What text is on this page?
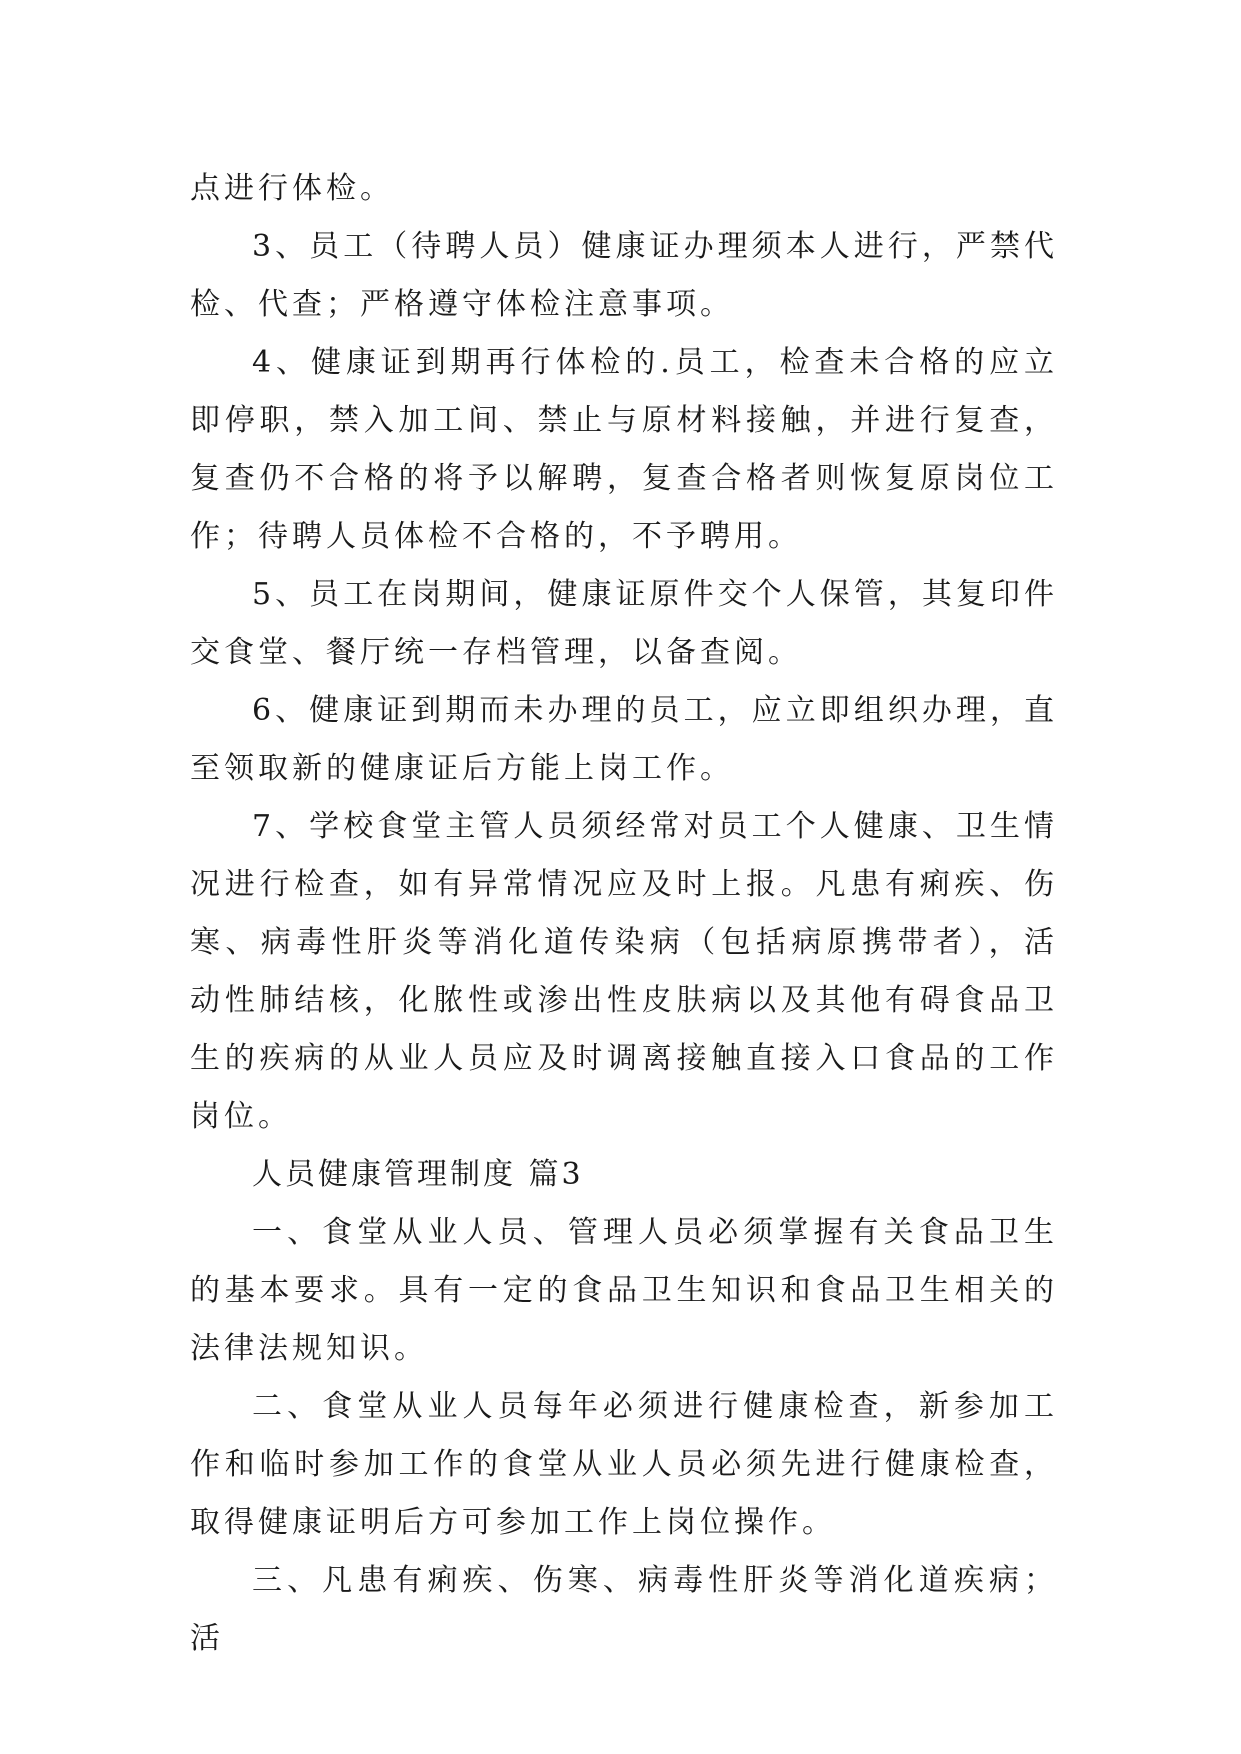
点进行体检。

3、员工（待聘人员）健康证办理须本人进行，严禁代检、代查；严格遵守体检注意事项。

4、健康证到期再行体检的.员工，检查未合格的应立即停职，禁入加工间、禁止与原材料接触，并进行复查，复查仍不合格的将予以解聘，复查合格者则恢复原岗位工作；待聘人员体检不合格的，不予聘用。

5、员工在岗期间，健康证原件交个人保管，其复印件交食堂、餐厅统一存档管理，以备查阅。

6、健康证到期而未办理的员工，应立即组织办理，直至领取新的健康证后方能上岗工作。

7、学校食堂主管人员须经常对员工个人健康、卫生情况进行检查，如有异常情况应及时上报。凡患有痢疾、伤寒、病毒性肝炎等消化道传染病（包括病原携带者），活动性肺结核，化脓性或渗出性皮肤病以及其他有碍食品卫生的疾病的从业人员应及时调离接触直接入口食品的工作岗位。

人员健康管理制度 篇3

一、食堂从业人员、管理人员必须掌握有关食品卫生的基本要求。具有一定的食品卫生知识和食品卫生相关的法律法规知识。

二、食堂从业人员每年必须进行健康检查，新参加工作和临时参加工作的食堂从业人员必须先进行健康检查，取得健康证明后方可参加工作上岗位操作。

三、凡患有痢疾、伤寒、病毒性肝炎等消化道疾病；活
